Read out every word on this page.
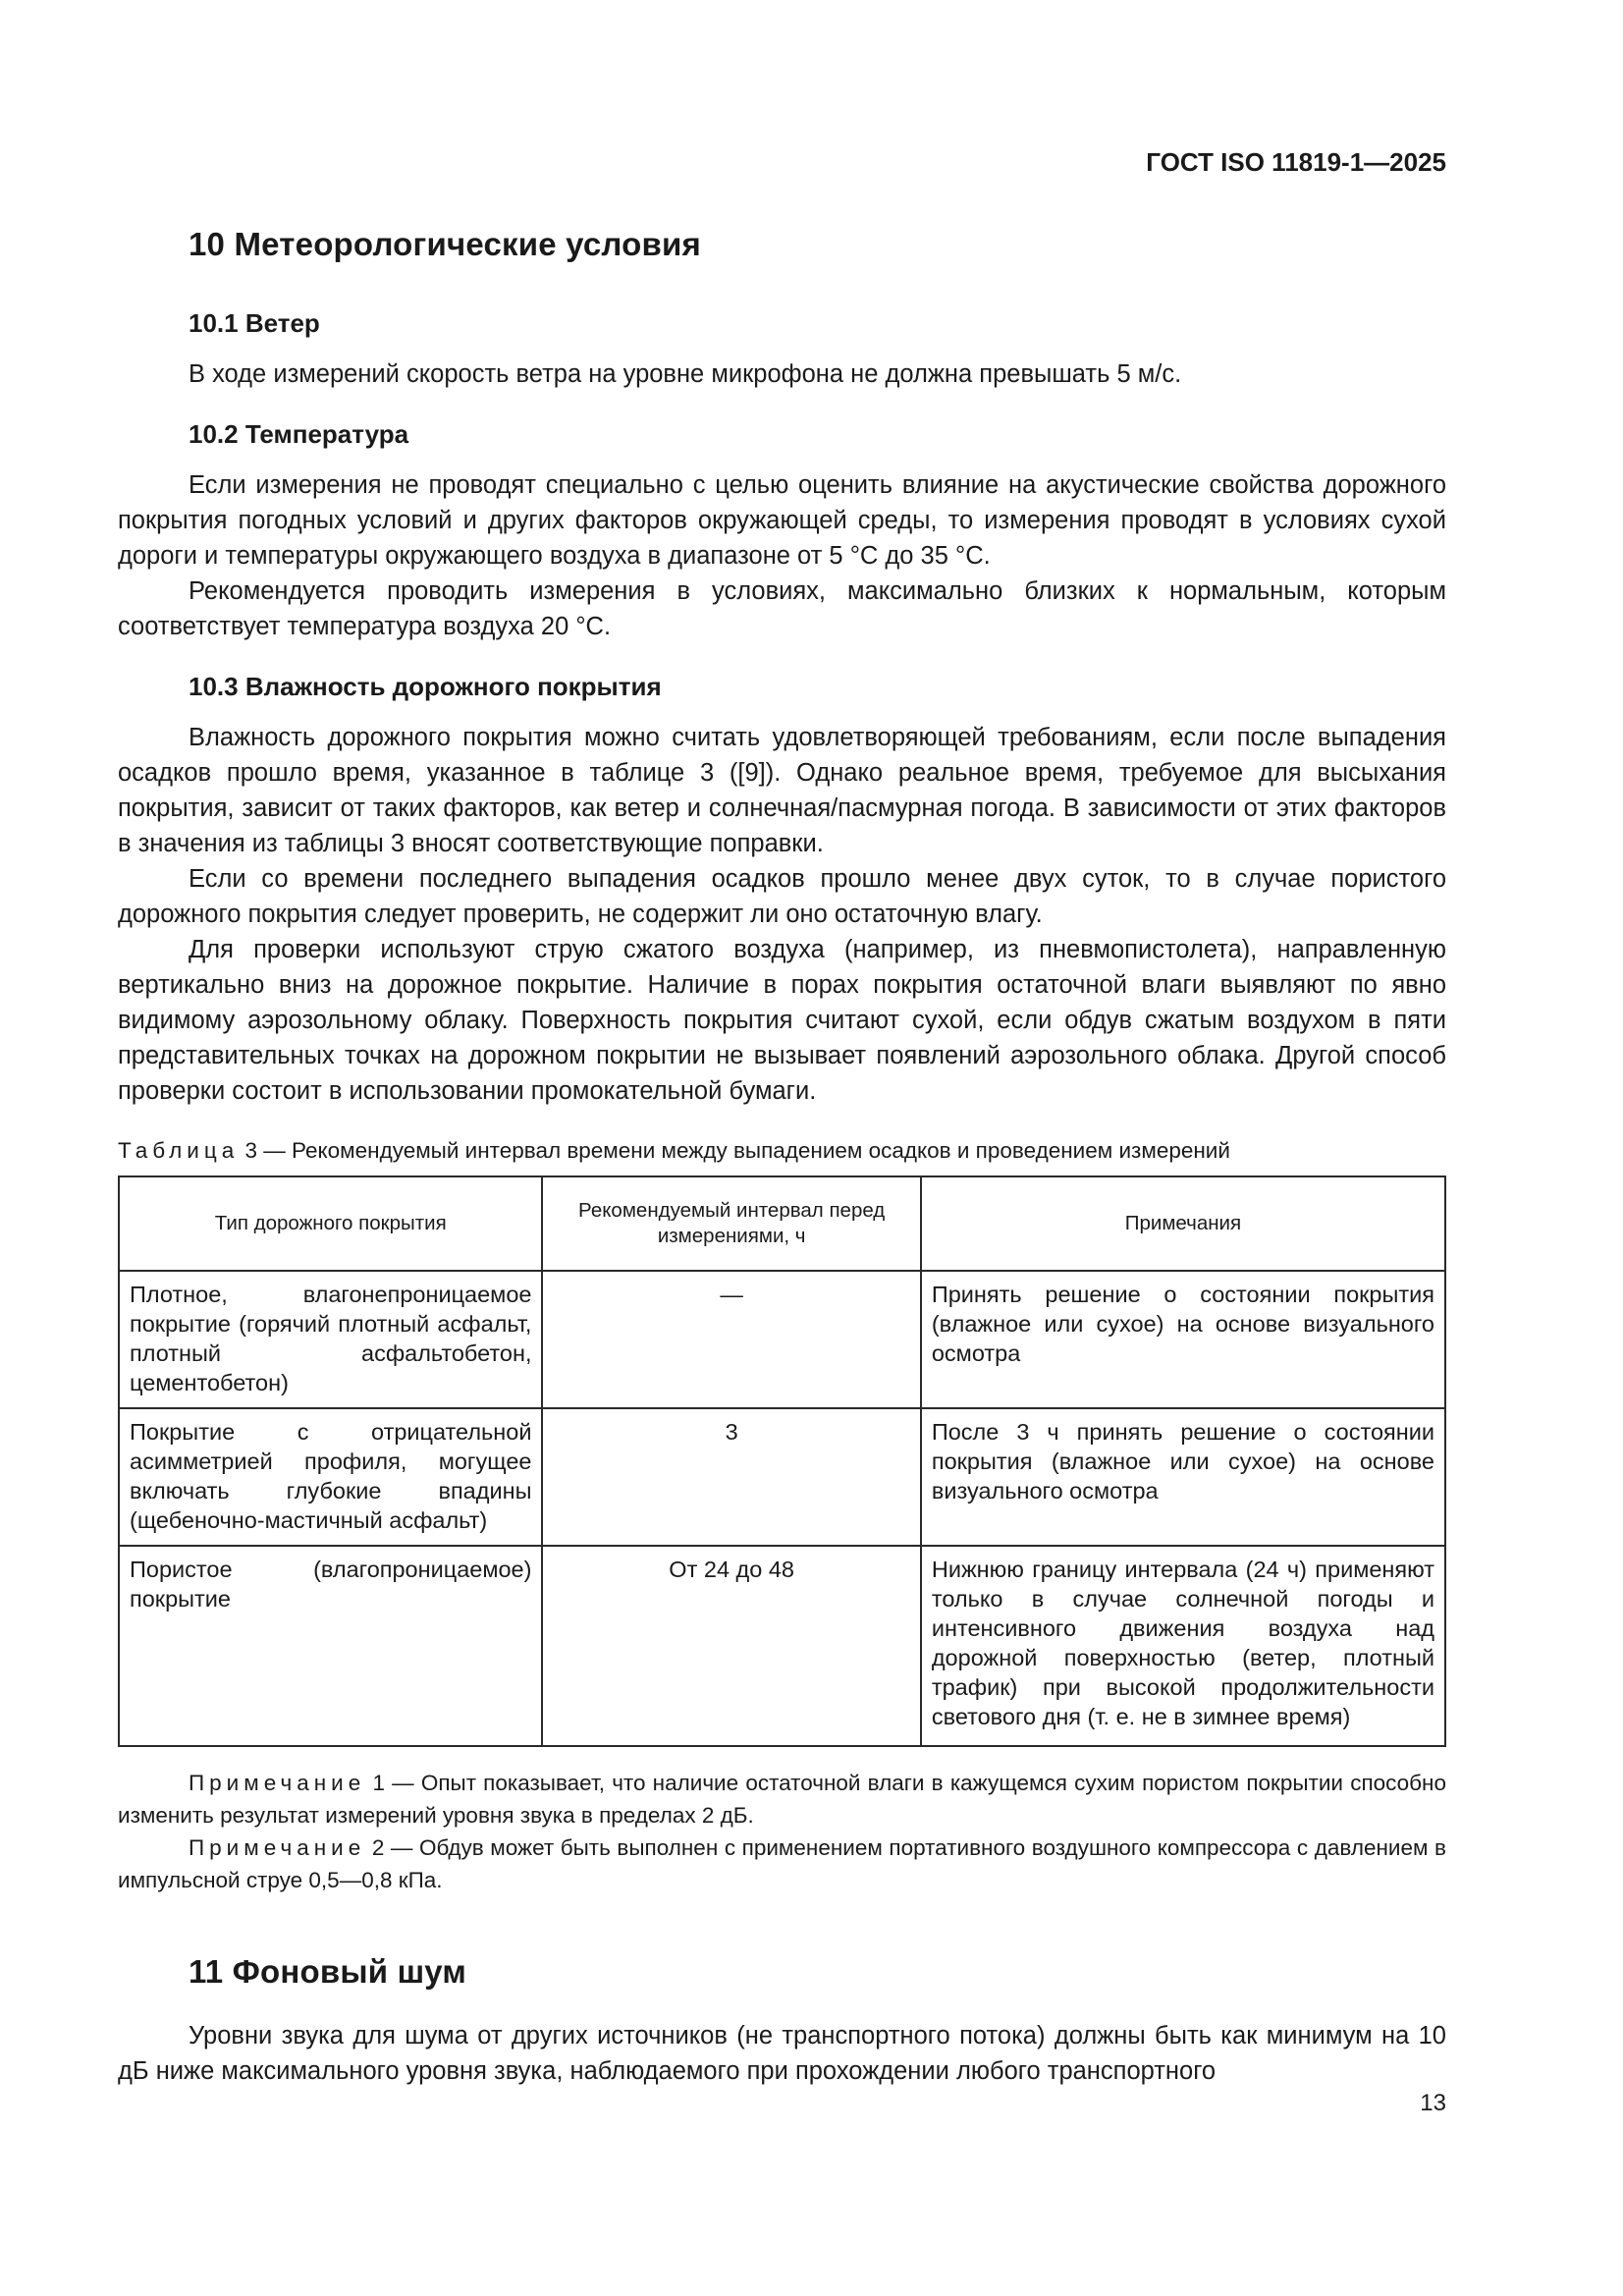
ГОСТ ISO 11819-1—2025
10 Метеорологические условия
10.1 Ветер

В ходе измерений скорость ветра на уровне микрофона не должна превышать 5 м/с.

10.2 Температура

Если измерения не проводят специально с целью оценить влияние на акустические свойства дорожного покрытия погодных условий и других факторов окружающей среды, то измерения проводят в условиях сухой дороги и температуры окружающего воздуха в диапазоне от 5 °C до 35 °C.

Рекомендуется проводить измерения в условиях, максимально близких к нормальным, которым соответствует температура воздуха 20 °C.

10.3 Влажность дорожного покрытия

Влажность дорожного покрытия можно считать удовлетворяющей требованиям, если после выпадения осадков прошло время, указанное в таблице 3 ([9]). Однако реальное время, требуемое для высыхания покрытия, зависит от таких факторов, как ветер и солнечная/пасмурная погода. В зависимости от этих факторов в значения из таблицы 3 вносят соответствующие поправки.

Если со времени последнего выпадения осадков прошло менее двух суток, то в случае пористого дорожного покрытия следует проверить, не содержит ли оно остаточную влагу.

Для проверки используют струю сжатого воздуха (например, из пневмопистолета), направленную вертикально вниз на дорожное покрытие. Наличие в порах покрытия остаточной влаги выявляют по явно видимому аэрозольному облаку. Поверхность покрытия считают сухой, если обдув сжатым воздухом в пяти представительных точках на дорожном покрытии не вызывает появлений аэрозольного облака. Другой способ проверки состоит в использовании промокательной бумаги.

Таблица 3 — Рекомендуемый интервал времени между выпадением осадков и проведением измерений
Тип дорожного покрытия	Рекомендуемый интервал перед измерениями, ч	Примечания
Плотное, влагонепроницаемое покрытие (горячий плотный асфальт, плотный асфальтобетон, цементобетон)	—	Принять решение о состоянии покрытия (влажное или сухое) на основе визуального осмотра
Покрытие с отрицательной асимметрией профиля, могущее включать глубокие впадины (щебеночно-мастичный асфальт)	3	После 3 ч принять решение о состоянии покрытия (влажное или сухое) на основе визуального осмотра
Пористое (влагопроницаемое) покрытие	От 24 до 48	Нижнюю границу интервала (24 ч) применяют только в случае солнечной погоды и интенсивного движения воздуха над дорожной поверхностью (ветер, плотный трафик) при высокой продолжительности светового дня (т. е. не в зимнее время)

Примечание 1 — Опыт показывает, что наличие остаточной влаги в кажущемся сухим пористом покрытии способно изменить результат измерений уровня звука в пределах 2 дБ.

Примечание 2 — Обдув может быть выполнен с применением портативного воздушного компрессора с давлением в импульсной струе 0,5—0,8 кПа.

11 Фоновый шум

Уровни звука для шума от других источников (не транспортного потока) должны быть как минимум на 10 дБ ниже максимального уровня звука, наблюдаемого при прохождении любого транспортного

13
